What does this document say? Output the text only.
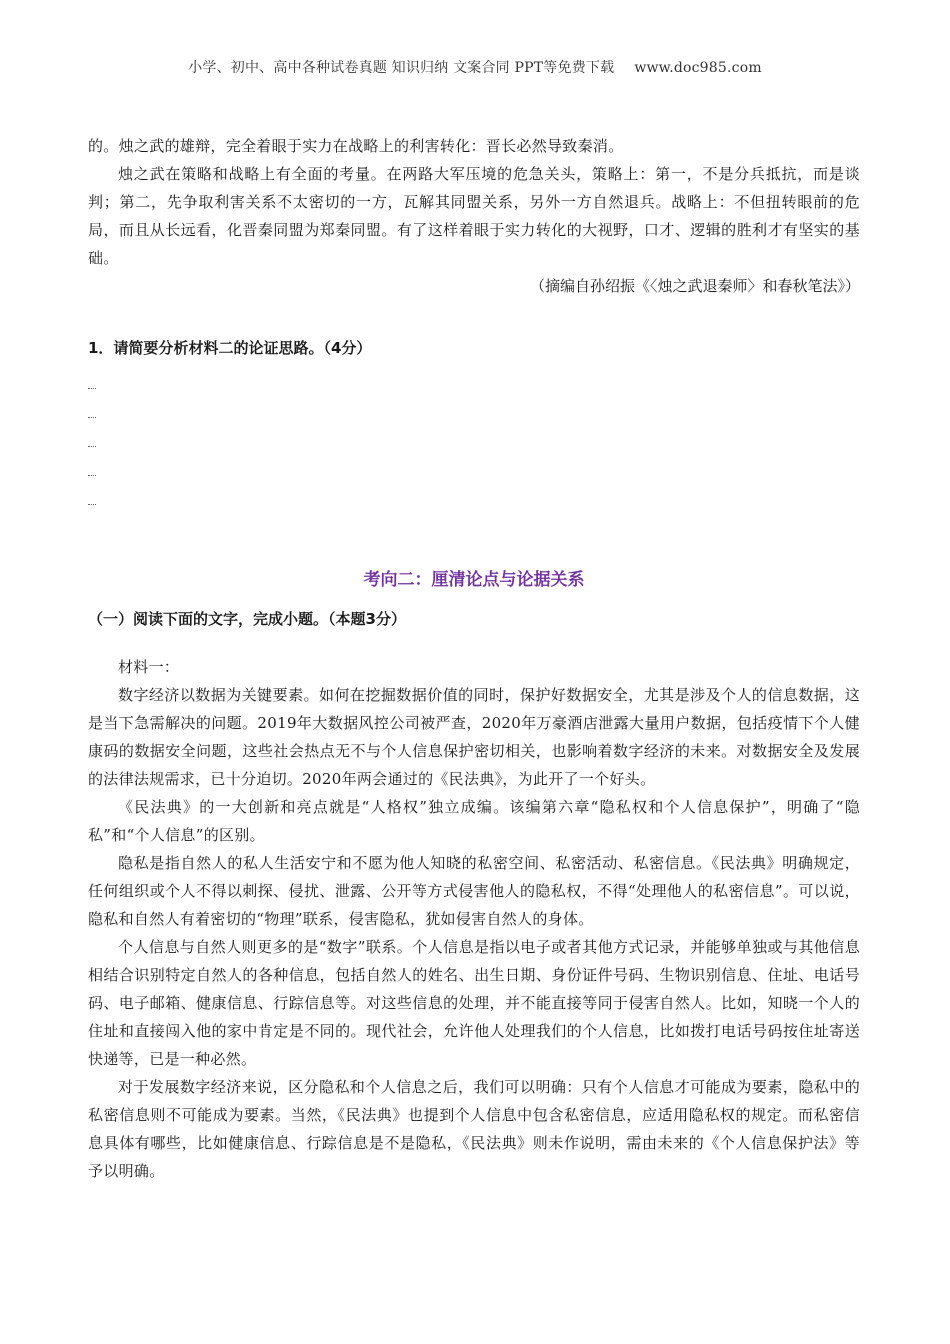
小学、初中、高中各种试卷真题 知识归纳 文案合同 PPT等免费下载 www.doc985.com

的。烛之武的雄辩，完全着眼于实力在战略上的利害转化：晋长必然导致秦消。

烛之武在策略和战略上有全面的考量。在两路大军压境的危急关头，策略上：第一，不是分兵抵抗，而是谈判；第二，先争取利害关系不太密切的一方，瓦解其同盟关系，另外一方自然退兵。战略上：不但扭转眼前的危局，而且从长远看，化晋秦同盟为郑秦同盟。有了这样着眼于实力转化的大视野，口才、逻辑的胜利才有坚实的基础。

（摘编自孙绍振《〈烛之武退秦师〉和春秋笔法》）

1．请简要分析材料二的论证思路。（4分）
考向二：厘清论点与论据关系
（一）阅读下面的文字，完成小题。（本题3分）

材料一：

数字经济以数据为关键要素。如何在挖掘数据价值的同时，保护好数据安全，尤其是涉及个人的信息数据，这是当下急需解决的问题。2019年大数据风控公司被严查，2020年万豪酒店泄露大量用户数据，包括疫情下个人健康码的数据安全问题，这些社会热点无不与个人信息保护密切相关，也影响着数字经济的未来。对数据安全及发展的法律法规需求，已十分迫切。2020年两会通过的《民法典》，为此开了一个好头。

《民法典》的一大创新和亮点就是“人格权”独立成编。该编第六章“隐私权和个人信息保护”，明确了“隐私”和“个人信息”的区别。

隐私是指自然人的私人生活安宁和不愿为他人知晓的私密空间、私密活动、私密信息。《民法典》明确规定，任何组织或个人不得以刺探、侵扰、泄露、公开等方式侵害他人的隐私权，不得“处理他人的私密信息”。可以说，隐私和自然人有着密切的“物理”联系，侵害隐私，犹如侵害自然人的身体。

个人信息与自然人则更多的是“数字”联系。个人信息是指以电子或者其他方式记录，并能够单独或与其他信息相结合识别特定自然人的各种信息，包括自然人的姓名、出生日期、身份证件号码、生物识别信息、住址、电话号码、电子邮箱、健康信息、行踪信息等。对这些信息的处理，并不能直接等同于侵害自然人。比如，知晓一个人的住址和直接闯入他的家中肯定是不同的。现代社会，允许他人处理我们的个人信息，比如拨打电话号码按住址寄送快递等，已是一种必然。

对于发展数字经济来说，区分隐私和个人信息之后，我们可以明确：只有个人信息才可能成为要素，隐私中的私密信息则不可能成为要素。当然，《民法典》也提到个人信息中包含私密信息，应适用隐私权的规定。而私密信息具体有哪些，比如健康信息、行踪信息是不是隐私，《民法典》则未作说明，需由未来的《个人信息保护法》等予以明确。
